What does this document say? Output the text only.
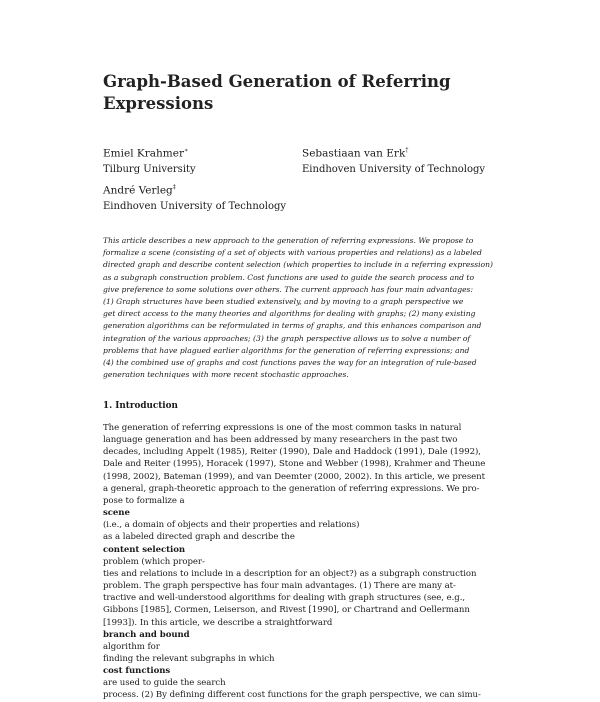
Graph-Based Generation of Referring
Expressions
Emiel Krahmer∗
Tilburg University
Sebastiaan van Erk†
Eindhoven University of Technology
André Verleg‡
Eindhoven University of Technology
This article describes a new approach to the generation of referring expressions. We propose to
formalize a scene (consisting of a set of objects with various properties and relations) as a labeled
directed graph and describe content selection (which properties to include in a referring expression)
as a subgraph construction problem. Cost functions are used to guide the search process and to
give preference to some solutions over others. The current approach has four main advantages:
(1) Graph structures have been studied extensively, and by moving to a graph perspective we
get direct access to the many theories and algorithms for dealing with graphs; (2) many existing
generation algorithms can be reformulated in terms of graphs, and this enhances comparison and
integration of the various approaches; (3) the graph perspective allows us to solve a number of
problems that have plagued earlier algorithms for the generation of referring expressions; and
(4) the combined use of graphs and cost functions paves the way for an integration of rule-based
generation techniques with more recent stochastic approaches.
1. Introduction
The generation of referring expressions is one of the most common tasks in natural
language generation and has been addressed by many researchers in the past two
decades, including Appelt (1985), Reiter (1990), Dale and Haddock (1991), Dale (1992),
Dale and Reiter (1995), Horacek (1997), Stone and Webber (1998), Krahmer and Theune
(1998, 2002), Bateman (1999), and van Deemter (2000, 2002). In this article, we present
a general, graph-theoretic approach to the generation of referring expressions. We pro-
pose to formalize a
scene
(i.e., a domain of objects and their properties and relations)
as a labeled directed graph and describe the
content selection
problem (which proper-
ties and relations to include in a description for an object?) as a subgraph construction
problem. The graph perspective has four main advantages. (1) There are many at-
tractive and well-understood algorithms for dealing with graph structures (see, e.g.,
Gibbons [1985], Cormen, Leiserson, and Rivest [1990], or Chartrand and Oellermann
[1993]). In this article, we describe a straightforward
branch and bound
algorithm for
finding the relevant subgraphs in which
cost functions
are used to guide the search
process. (2) By defining different cost functions for the graph perspective, we can simu-
